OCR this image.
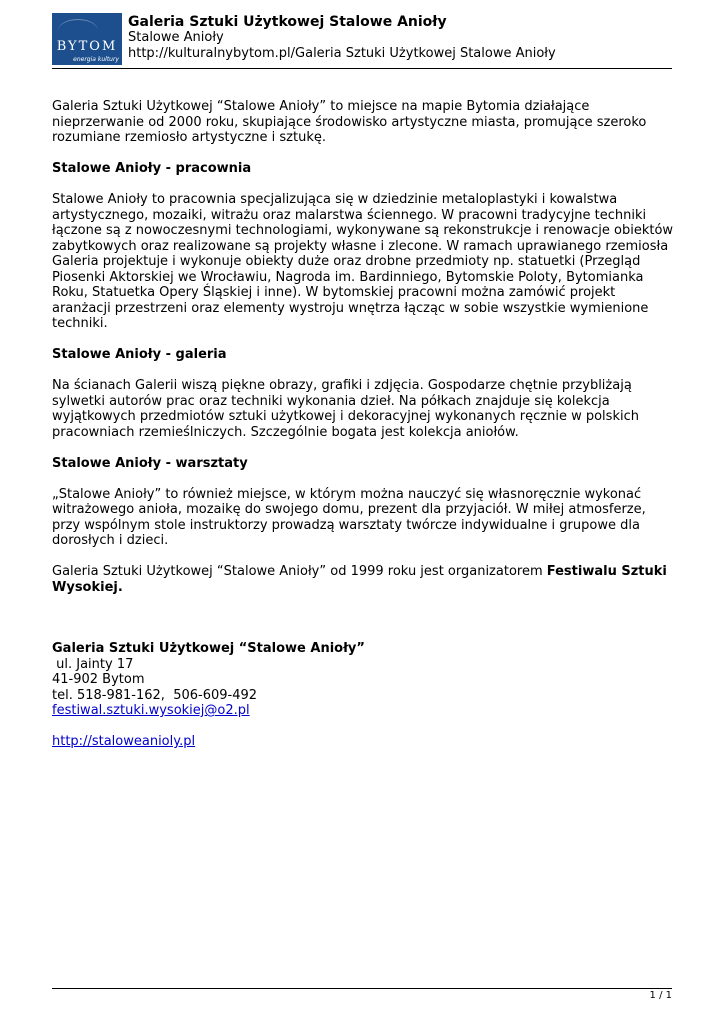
BYTOM
energia kultury
Galeria Sztuki Użytkowej Stalowe Anioły
Stalowe Anioły
http://kulturalnybytom.pl/Galeria Sztuki Użytkowej Stalowe Anioły

Galeria Sztuki Użytkowej “Stalowe Anioły” to miejsce na mapie Bytomia działające nieprzerwanie od 2000 roku, skupiające środowisko artystyczne miasta, promujące szeroko rozumiane rzemiosło artystyczne i sztukę.

Stalowe Anioły - pracownia

Stalowe Anioły to pracownia specjalizująca się w dziedzinie metaloplastyki i kowalstwa artystycznego, mozaiki, witrażu oraz malarstwa ściennego. W pracowni tradycyjne techniki łączone są z nowoczesnymi technologiami, wykonywane są rekonstrukcje i renowacje obiektów zabytkowych oraz realizowane są projekty własne i zlecone. W ramach uprawianego rzemiosła Galeria projektuje i wykonuje obiekty duże oraz drobne przedmioty np. statuetki (Przegląd Piosenki Aktorskiej we Wrocławiu, Nagroda im. Bardinniego, Bytomskie Poloty, Bytomianka Roku, Statuetka Opery Śląskiej i inne). W bytomskiej pracowni można zamówić projekt aranżacji przestrzeni oraz elementy wystroju wnętrza łącząc w sobie wszystkie wymienione techniki.

Stalowe Anioły - galeria

Na ścianach Galerii wiszą piękne obrazy, grafiki i zdjęcia. Gospodarze chętnie przybliżają sylwetki autorów prac oraz techniki wykonania dzieł. Na półkach znajduje się kolekcja wyjątkowych przedmiotów sztuki użytkowej i dekoracyjnej wykonanych ręcznie w polskich pracowniach rzemieślniczych. Szczególnie bogata jest kolekcja aniołów.

Stalowe Anioły - warsztaty

„Stalowe Anioły” to również miejsce, w którym można nauczyć się własnoręcznie wykonać witrażowego anioła, mozaikę do swojego domu, prezent dla przyjaciół. W miłej atmosferze, przy wspólnym stole instruktorzy prowadzą warsztaty twórcze indywidualne i grupowe dla dorosłych i dzieci.

Galeria Sztuki Użytkowej “Stalowe Anioły” od 1999 roku jest organizatorem Festiwalu Sztuki Wysokiej.

Galeria Sztuki Użytkowej “Stalowe Anioły”
ul. Jainty 17
41-902 Bytom
tel. 518-981-162,  506-609-492
festiwal.sztuki.wysokiej@o2.pl
http://staloweanioly.pl
1 / 1
